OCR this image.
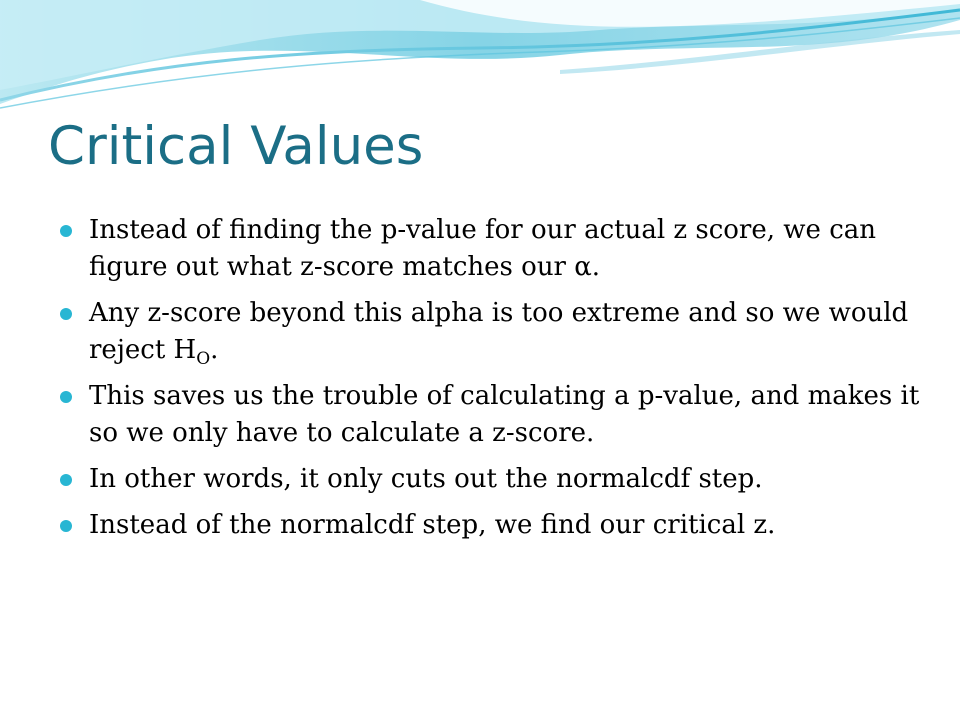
Critical Values
Instead of finding the p-value for our actual z score, we can figure out what z-score matches our α.
Any z-score beyond this alpha is too extreme and so we would reject $H_O$.
This saves us the trouble of calculating a p-value, and makes it so we only have to calculate a z-score.
In other words, it only cuts out the normalcdf step.
Instead of the normalcdf step, we find our critical z.
